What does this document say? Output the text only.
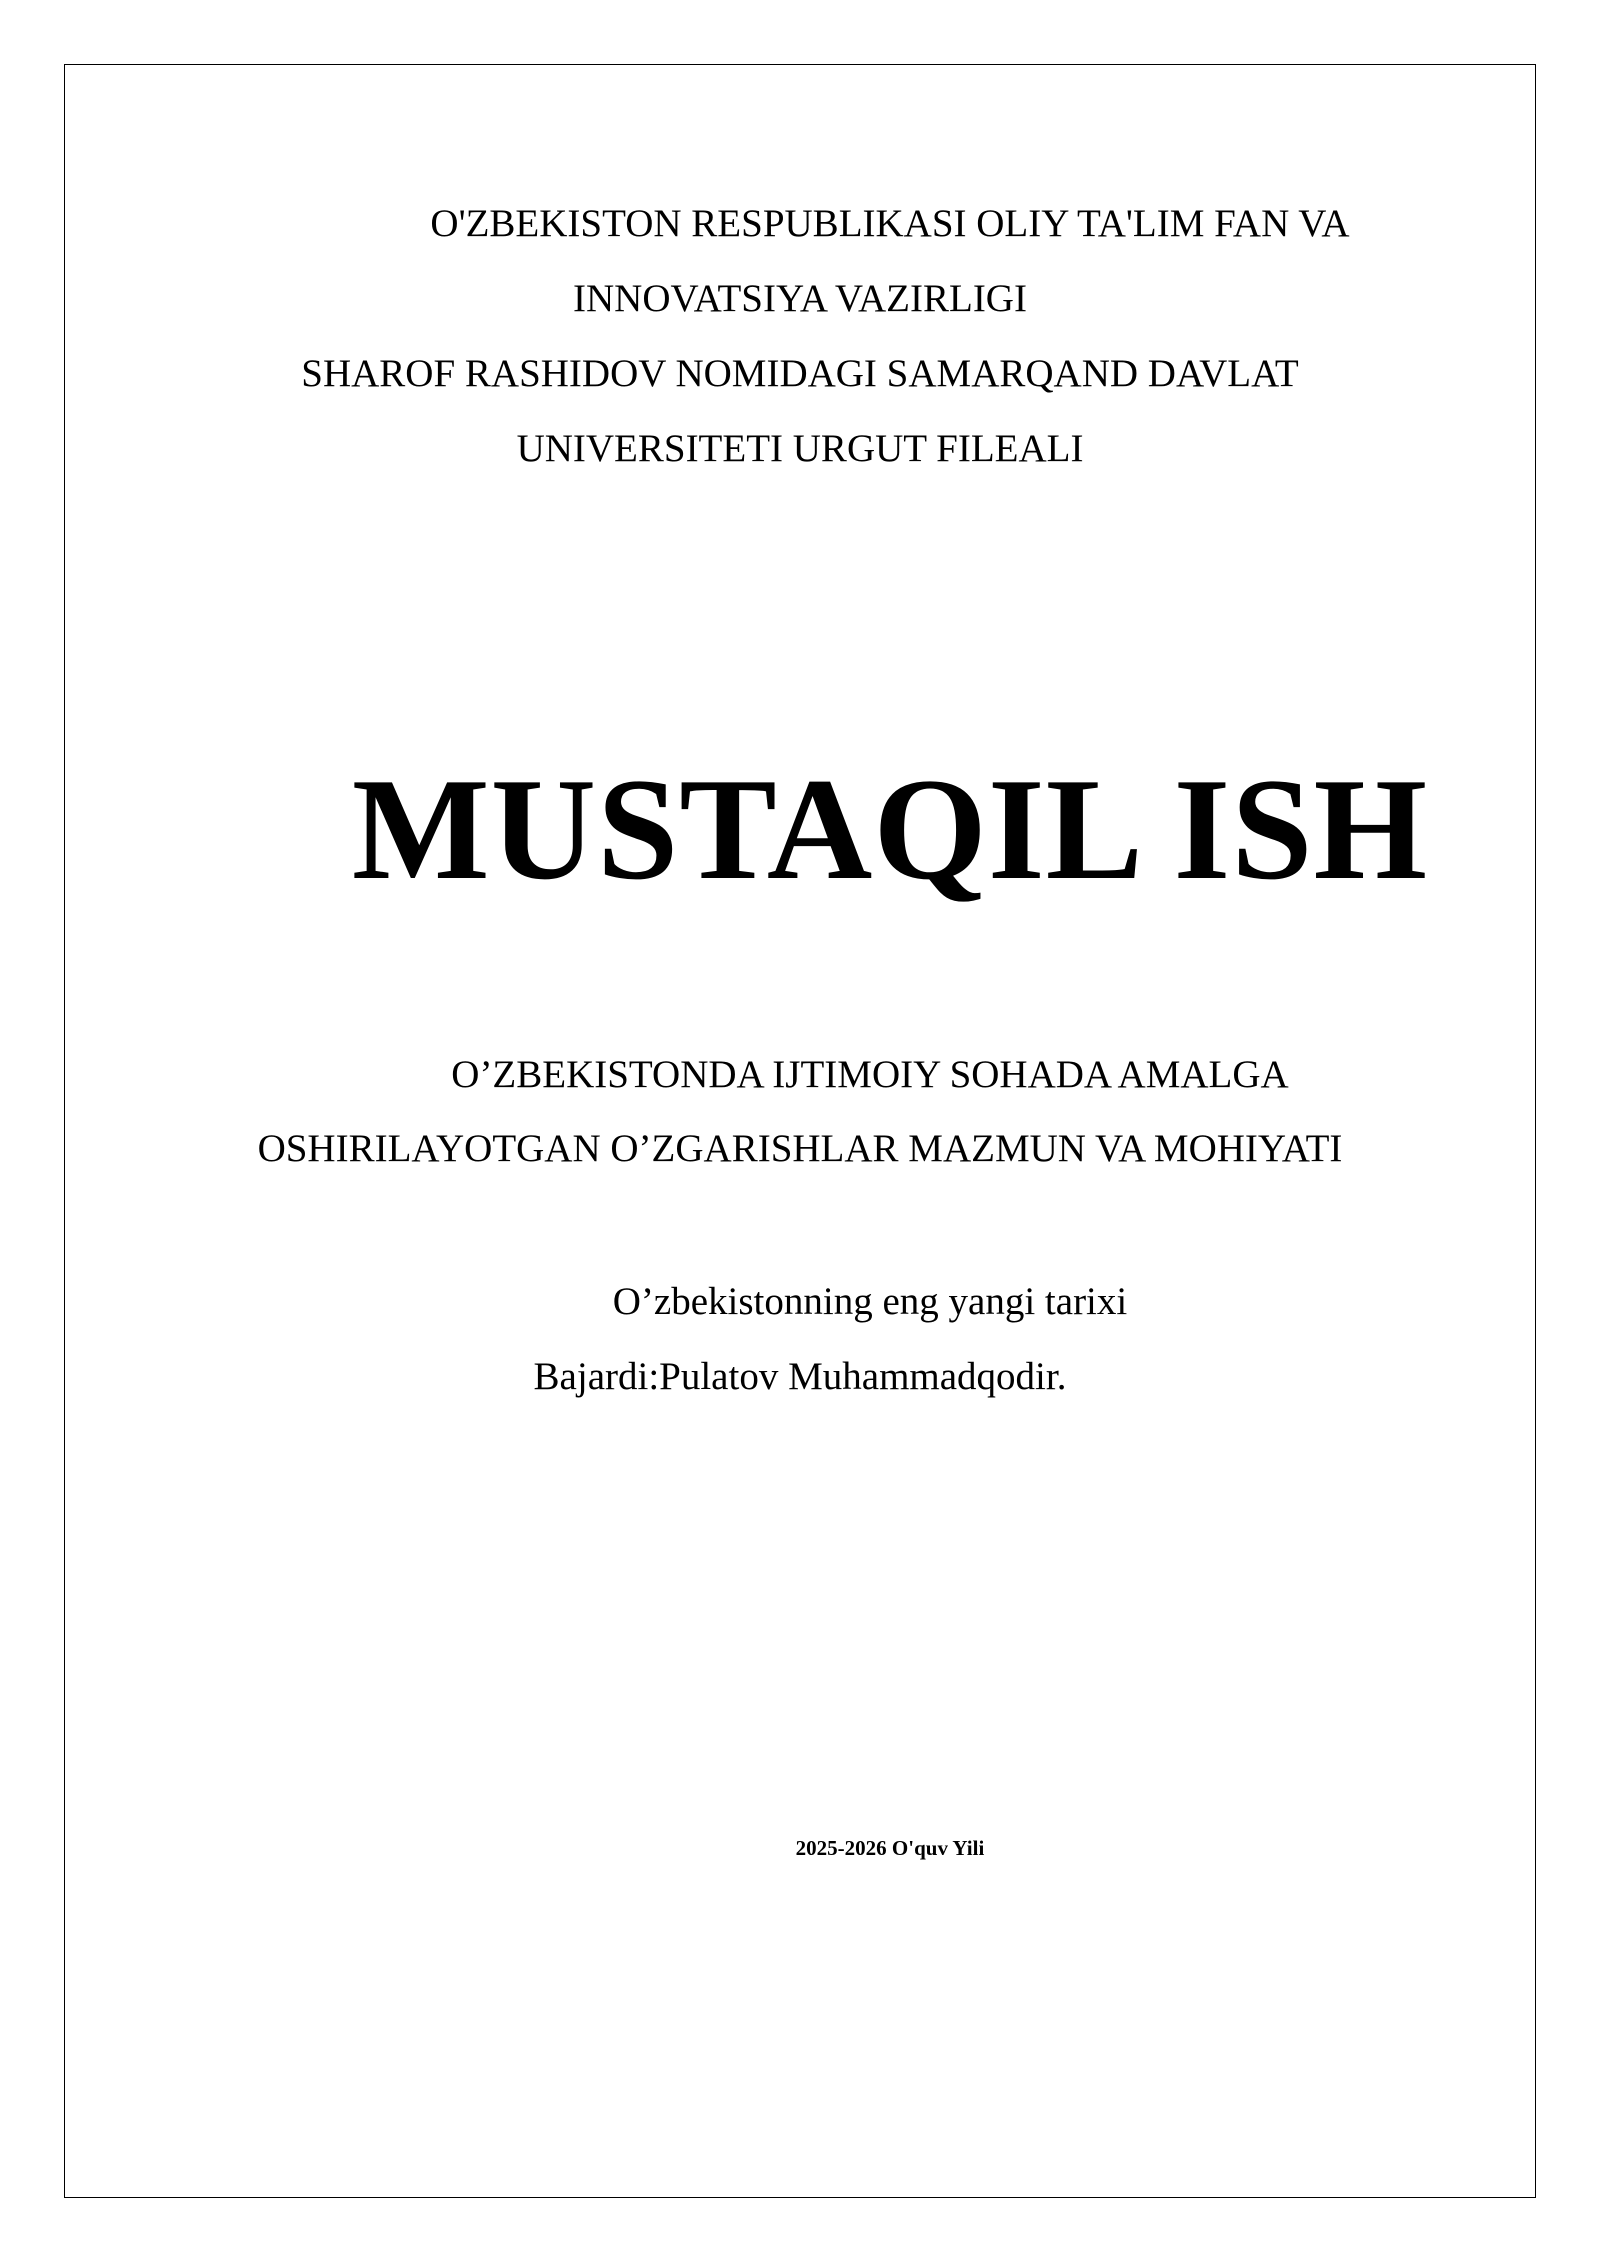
O'ZBEKISTON RESPUBLIKASI OLIY TA'LIM FAN VA
INNOVATSIYA VAZIRLIGI
SHAROF RASHIDOV NOMIDAGI SAMARQAND DAVLAT
UNIVERSITETI URGUT FILEALI
MUSTAQIL ISH
O’ZBEKISTONDA IJTIMOIY SOHADA AMALGA
OSHIRILAYOTGAN O’ZGARISHLAR MAZMUN VA MOHIYATI
O’zbekistonning eng yangi tarixi
Bajardi:Pulatov Muhammadqodir.
2025-2026 O'quv Yili
